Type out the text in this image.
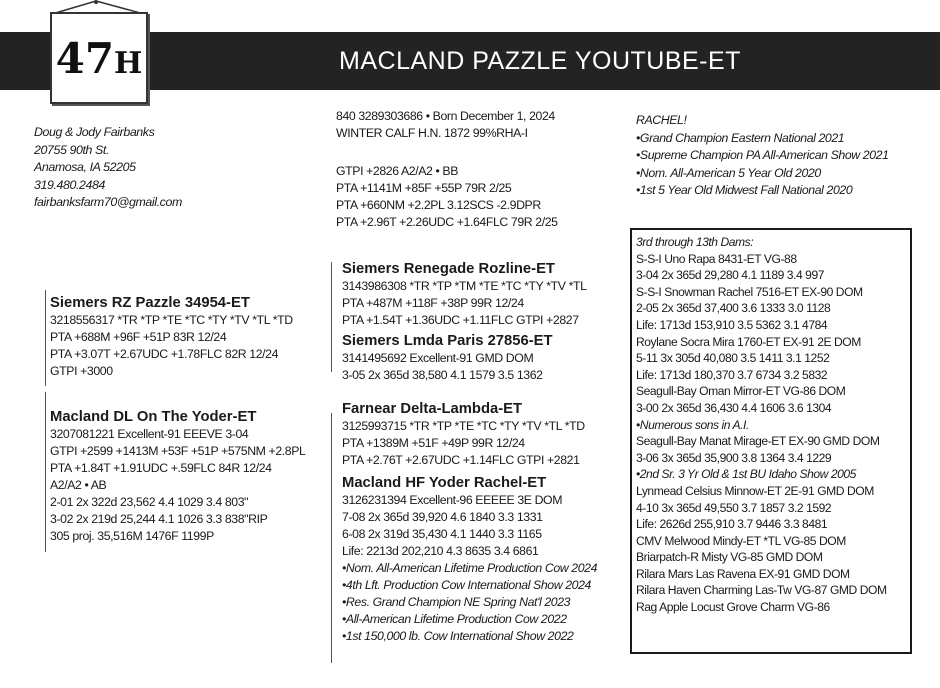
47H	MACLAND PAZZLE YOUTUBE-ET
Doug & Jody Fairbanks
20755 90th St.
Anamosa, IA 52205
319.480.2484
fairbanksfarm70@gmail.com
840 3289303686 • Born December 1, 2024
WINTER CALF H.N. 1872 99%RHA-I
GTPI +2826 A2/A2 • BB
PTA +1141M +85F +55P 79R 2/25
PTA +660NM +2.2PL 3.12SCS -2.9DPR
PTA +2.96T +2.26UDC +1.64FLC 79R 2/25
Siemers RZ Pazzle 34954-ET
3218556317 *TR *TP *TE *TC *TY *TV *TL *TD
PTA +688M +96F +51P 83R 12/24
PTA +3.07T +2.67UDC +1.78FLC 82R 12/24
GTPI +3000
Macland DL On The Yoder-ET
3207081221 Excellent-91 EEEVE 3-04
GTPI +2599 +1413M +53F +51P +575NM +2.8PL
PTA +1.84T +1.91UDC +.59FLC 84R 12/24
A2/A2 • AB
2-01 2x 322d 23,562 4.4 1029 3.4 803"
3-02 2x 219d 25,244 4.1 1026 3.3 838"RIP
305 proj. 35,516M 1476F 1199P
Siemers Renegade Rozline-ET
3143986308 *TR *TP *TM *TE *TC *TY *TV *TL
PTA +487M +118F +38P 99R 12/24
PTA +1.54T +1.36UDC +1.11FLC GTPI +2827
Siemers Lmda Paris 27856-ET
3141495692 Excellent-91 GMD DOM
3-05 2x 365d 38,580 4.1 1579 3.5 1362
Farnear Delta-Lambda-ET
3125993715 *TR *TP *TE *TC *TY *TV *TL *TD
PTA +1389M +51F +49P 99R 12/24
PTA +2.76T +2.67UDC +1.14FLC GTPI +2821
Macland HF Yoder Rachel-ET
3126231394 Excellent-96 EEEEE 3E DOM
7-08 2x 365d 39,920 4.6 1840 3.3 1331
6-08 2x 319d 35,430 4.1 1440 3.3 1165
Life: 2213d 202,210 4.3 8635 3.4 6861
•Nom. All-American Lifetime Production Cow 2024
•4th Lft. Production Cow International Show 2024
•Res. Grand Champion NE Spring Nat'l 2023
•All-American Lifetime Production Cow 2022
•1st 150,000 lb. Cow International Show 2022
RACHEL!
•Grand Champion Eastern National 2021
•Supreme Champion PA All-American Show 2021
•Nom. All-American 5 Year Old 2020
•1st 5 Year Old Midwest Fall National 2020
3rd through 13th Dams:
S-S-I Uno Rapa 8431-ET VG-88
3-04 2x 365d 29,280 4.1 1189 3.4 997
S-S-I Snowman Rachel 7516-ET EX-90 DOM
2-05 2x 365d 37,400 3.6 1333 3.0 1128
Life: 1713d 153,910 3.5 5362 3.1 4784
Roylane Socra Mira 1760-ET EX-91 2E DOM
5-11 3x 305d 40,080 3.5 1411 3.1 1252
Life: 1713d 180,370 3.7 6734 3.2 5832
Seagull-Bay Oman Mirror-ET VG-86 DOM
3-00 2x 365d 36,430 4.4 1606 3.6 1304
•Numerous sons in A.I.
Seagull-Bay Manat Mirage-ET EX-90 GMD DOM
3-06 3x 365d 35,900 3.8 1364 3.4 1229
•2nd Sr. 3 Yr Old & 1st BU Idaho Show 2005
Lynmead Celsius Minnow-ET 2E-91 GMD DOM
4-10 3x 365d 49,550 3.7 1857 3.2 1592
Life: 2626d 255,910 3.7 9446 3.3 8481
CMV Melwood Mindy-ET *TL VG-85 DOM
Briarpatch-R Misty VG-85 GMD DOM
Rilara Mars Las Ravena EX-91 GMD DOM
Rilara Haven Charming Las-Tw VG-87 GMD DOM
Rag Apple Locust Grove Charm VG-86
